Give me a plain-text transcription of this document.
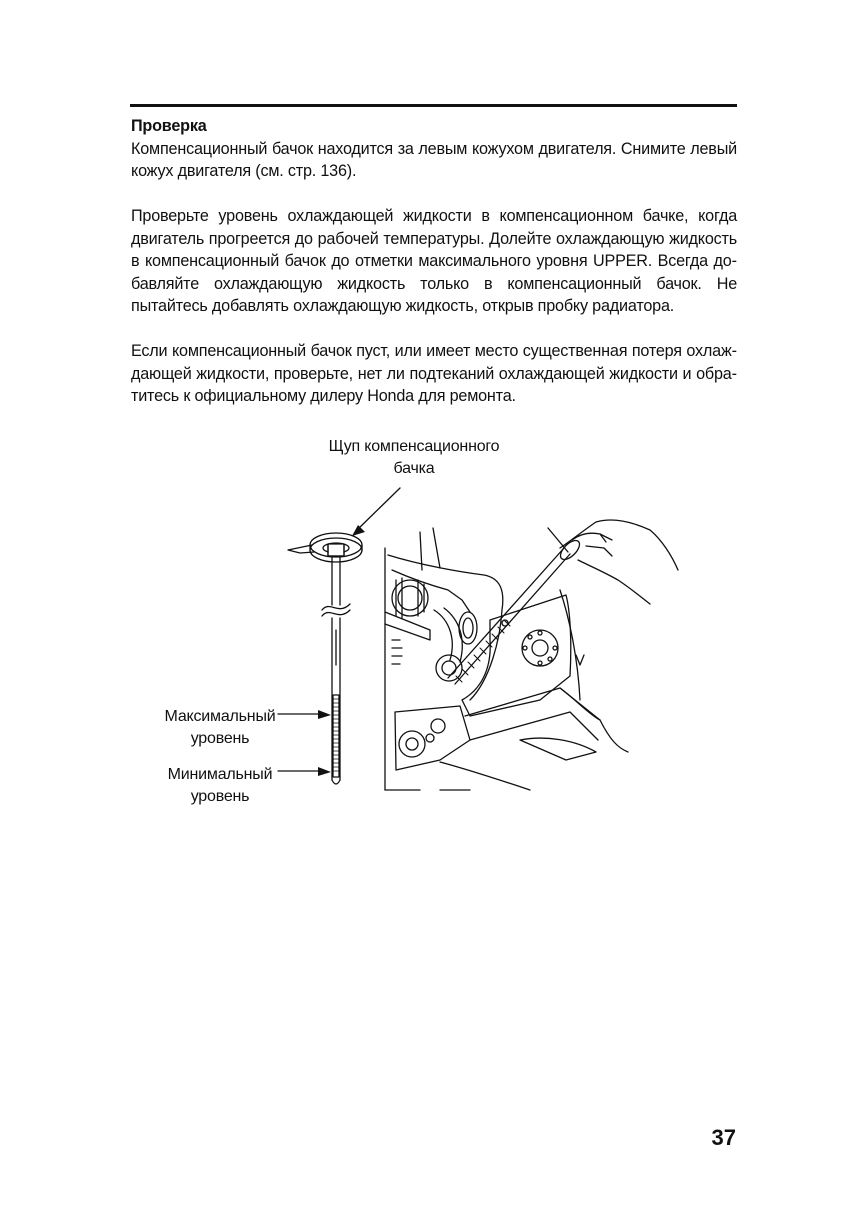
Проверка

Компенсационный бачок находится за левым кожухом двигателя. Снимите левый кожух двигателя (см. стр. 136).

Проверьте уровень охлаждающей жидкости в компенсационном бачке, когда двигатель прогреется до рабочей температуры. Долейте охлаждающую жидкость в компенсационный бачок до отметки максимального уровня UPPER. Всегда добавляйте охлаждающую жидкость только в компенсационный бачок. Не пытайтесь добавлять охлаждающую жидкость, открыв пробку радиатора.

Если компенсационный бачок пуст, или имеет место существенная потеря охлаждающей жидкости, проверьте, нет ли подтеканий охлаждающей жидкости и обратитесь к официальному дилеру Honda для ремонта.

Щуп компенсационного
бачка
Максимальный
уровень
Минимальный
уровень
37
